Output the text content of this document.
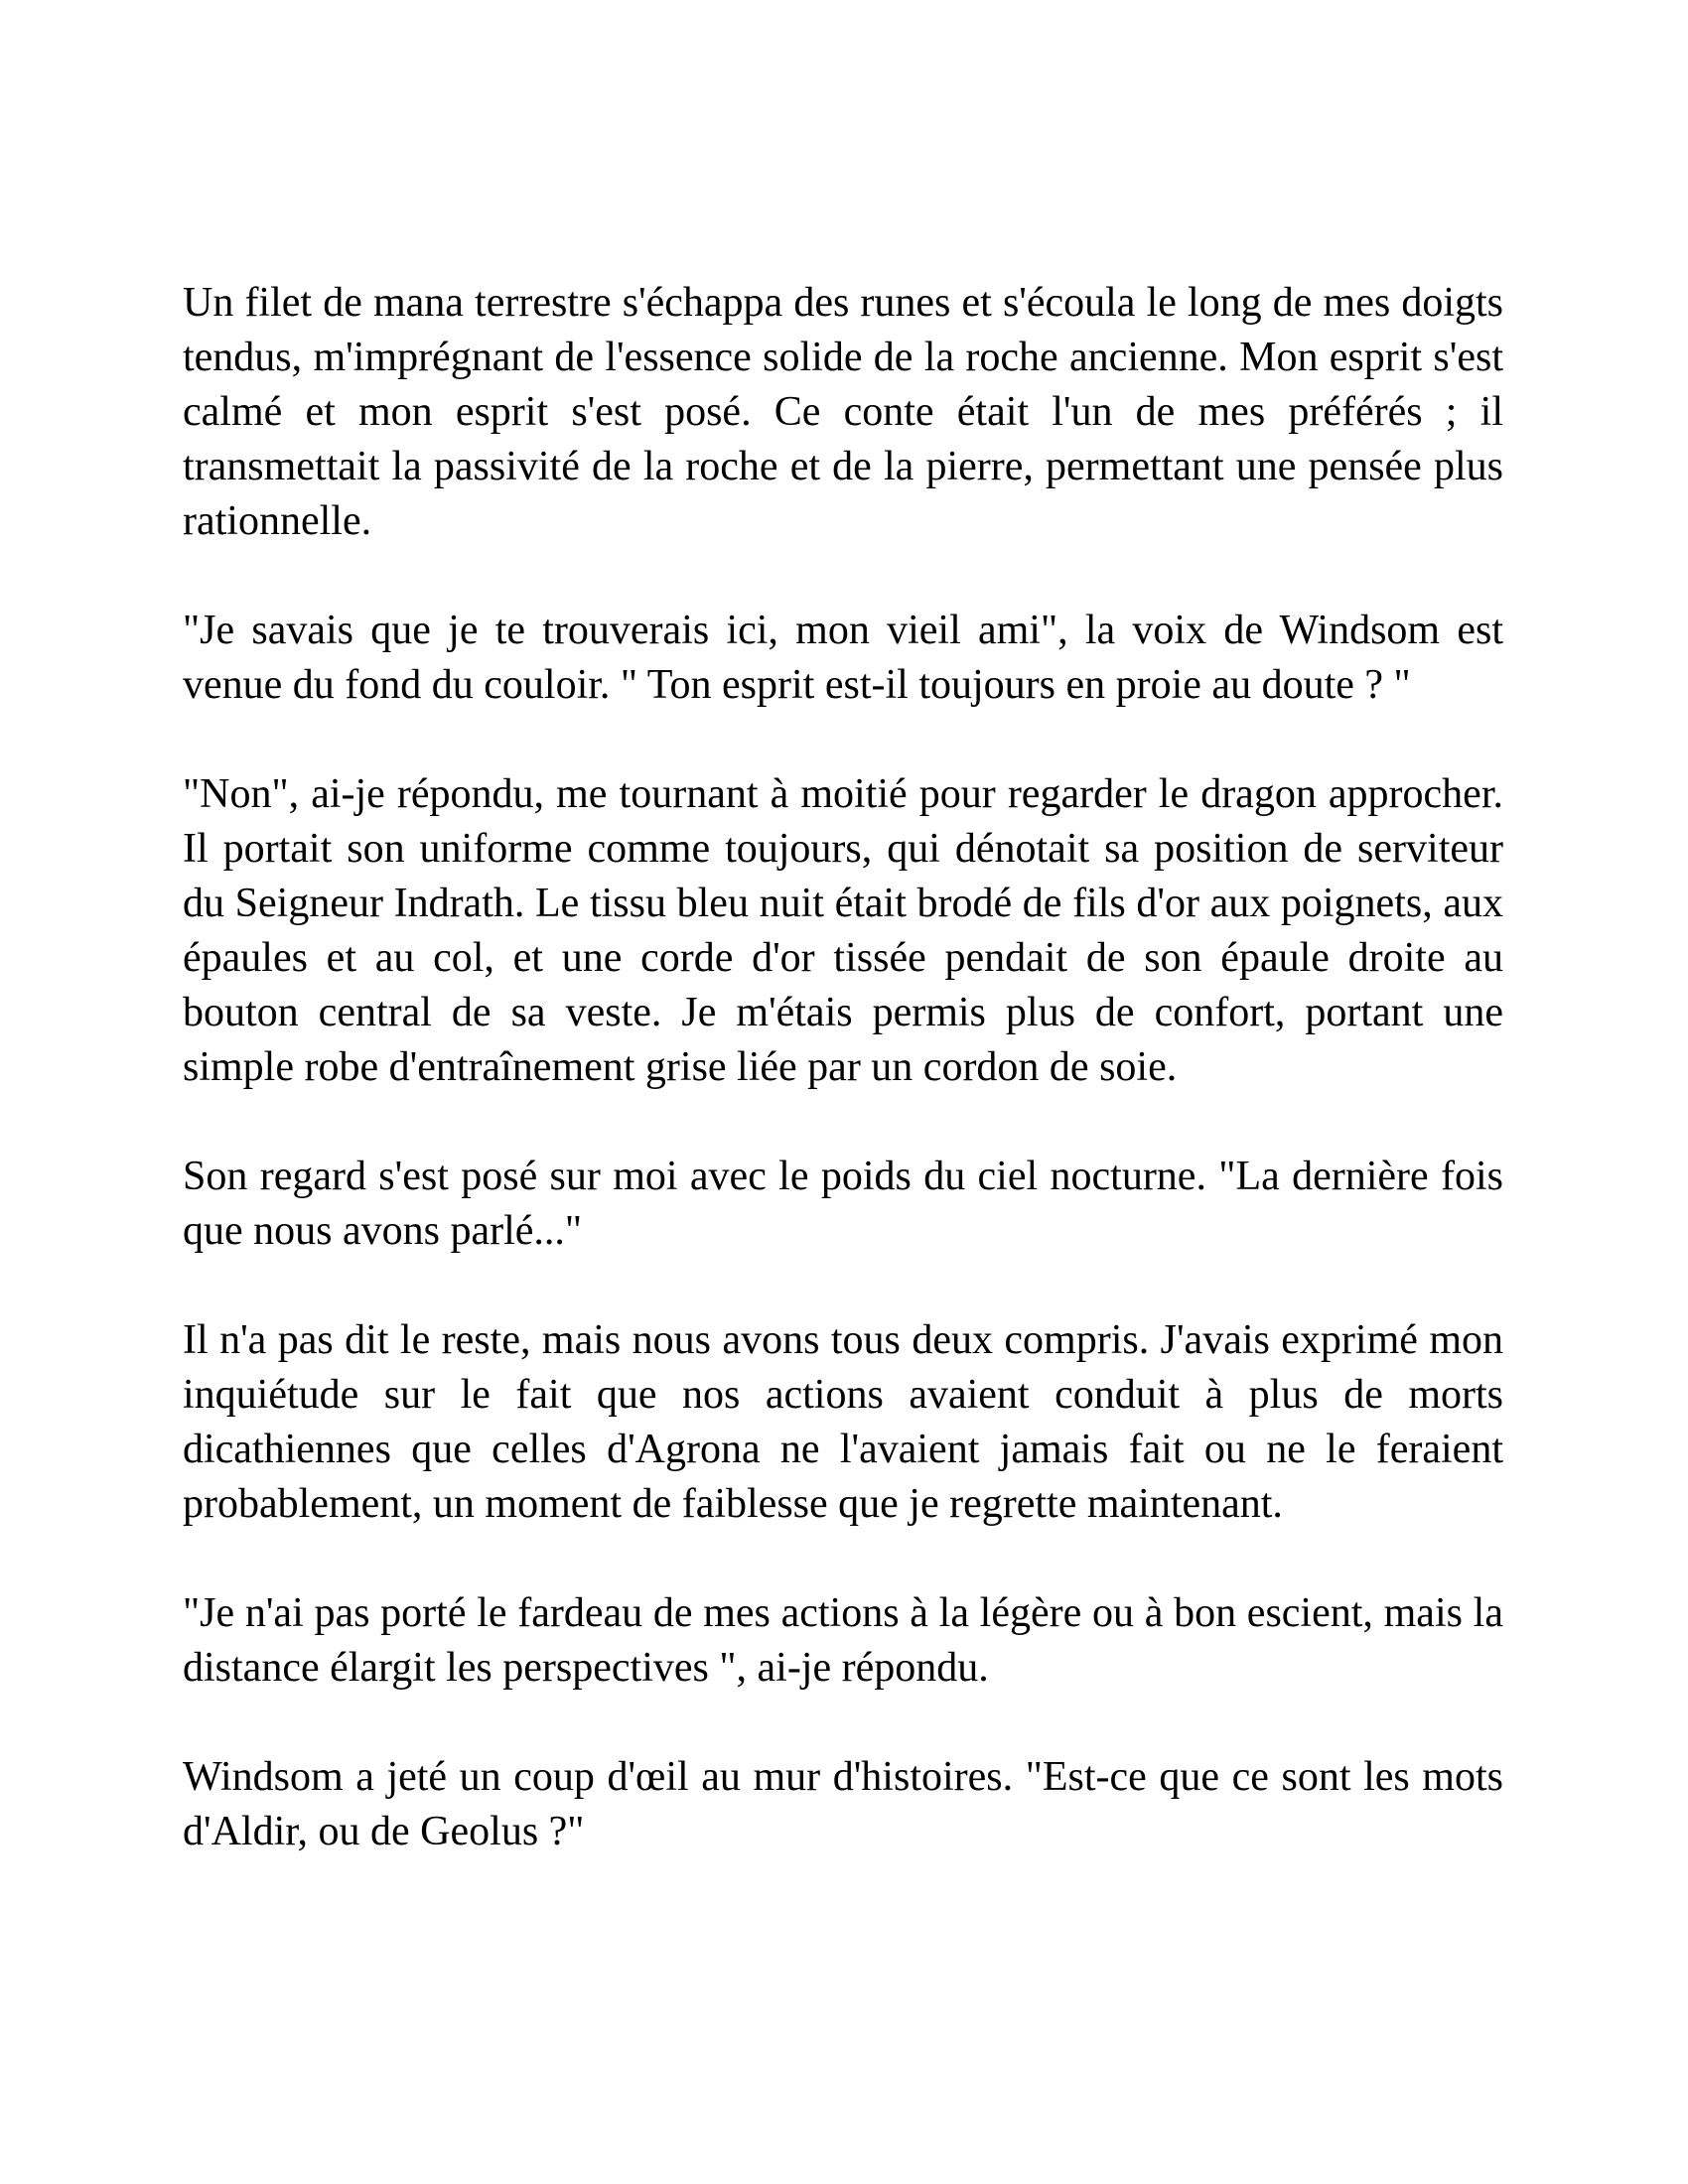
Un filet de mana terrestre s'échappa des runes et s'écoula le long de mes doigts tendus, m'imprégnant de l'essence solide de la roche ancienne. Mon esprit s'est calmé et mon esprit s'est posé. Ce conte était l'un de mes préférés ; il transmettait la passivité de la roche et de la pierre, permettant une pensée plus rationnelle.

"Je savais que je te trouverais ici, mon vieil ami", la voix de Windsom est venue du fond du couloir. " Ton esprit est-il toujours en proie au doute ? "

"Non", ai-je répondu, me tournant à moitié pour regarder le dragon approcher. Il portait son uniforme comme toujours, qui dénotait sa position de serviteur du Seigneur Indrath. Le tissu bleu nuit était brodé de fils d'or aux poignets, aux épaules et au col, et une corde d'or tissée pendait de son épaule droite au bouton central de sa veste. Je m'étais permis plus de confort, portant une simple robe d'entraînement grise liée par un cordon de soie.

Son regard s'est posé sur moi avec le poids du ciel nocturne. "La dernière fois que nous avons parlé..."

Il n'a pas dit le reste, mais nous avons tous deux compris. J'avais exprimé mon inquiétude sur le fait que nos actions avaient conduit à plus de morts dicathiennes que celles d'Agrona ne l'avaient jamais fait ou ne le feraient probablement, un moment de faiblesse que je regrette maintenant.

"Je n'ai pas porté le fardeau de mes actions à la légère ou à bon escient, mais la distance élargit les perspectives ", ai-je répondu.

Windsom a jeté un coup d'œil au mur d'histoires. "Est-ce que ce sont les mots d'Aldir, ou de Geolus ?"
